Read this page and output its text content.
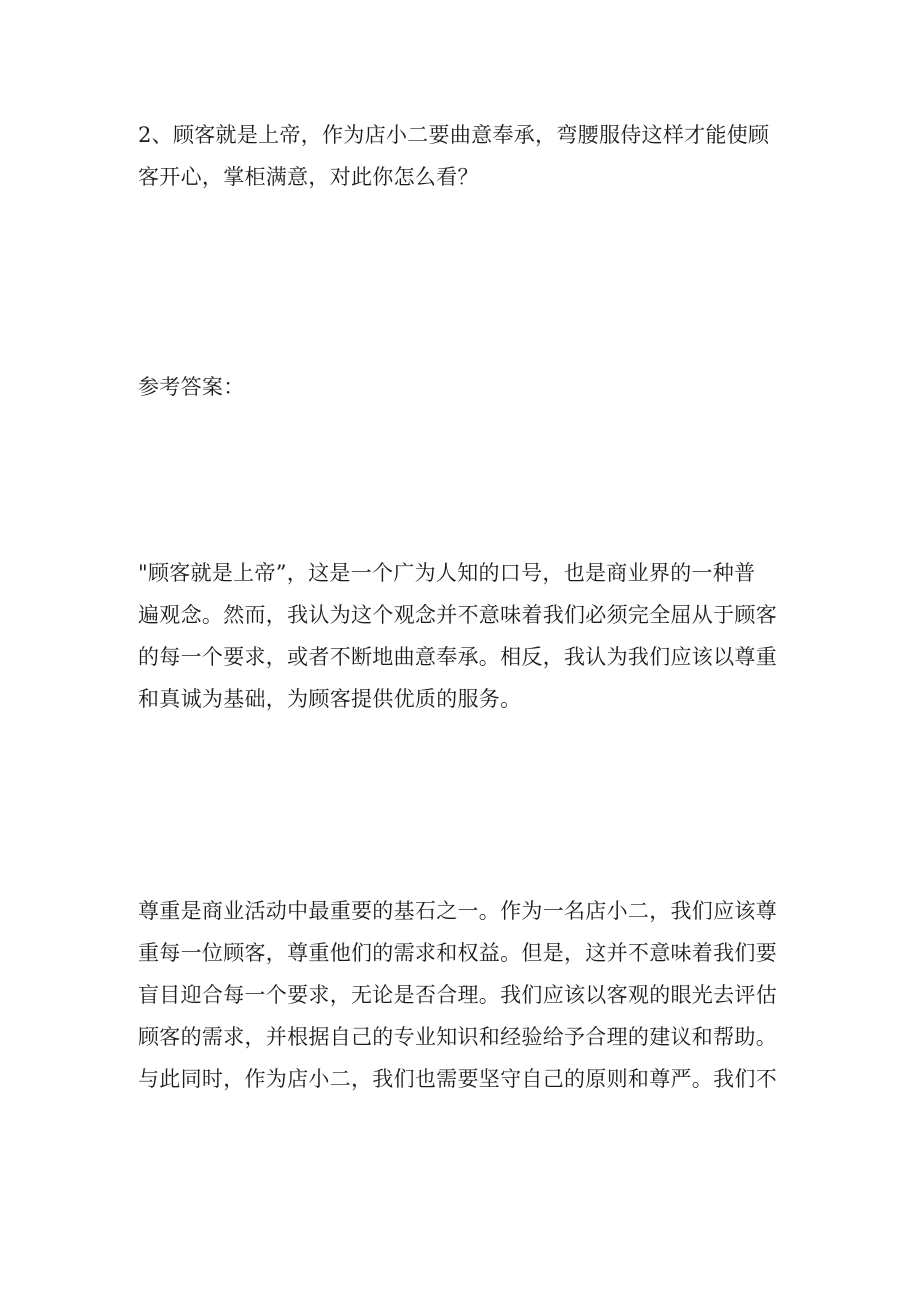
2、顾客就是上帝，作为店小二要曲意奉承，弯腰服侍这样才能使顾

客开心，掌柜满意，对此你怎么看？

参考答案：

"顾客就是上帝”，这是一个广为人知的口号，也是商业界的一种普

遍观念。然而，我认为这个观念并不意味着我们必须完全屈从于顾客

的每一个要求，或者不断地曲意奉承。相反，我认为我们应该以尊重

和真诚为基础，为顾客提供优质的服务。

尊重是商业活动中最重要的基石之一。作为一名店小二，我们应该尊

重每一位顾客，尊重他们的需求和权益。但是，这并不意味着我们要

盲目迎合每一个要求，无论是否合理。我们应该以客观的眼光去评估

顾客的需求，并根据自己的专业知识和经验给予合理的建议和帮助。

与此同时，作为店小二，我们也需要坚守自己的原则和尊严。我们不
